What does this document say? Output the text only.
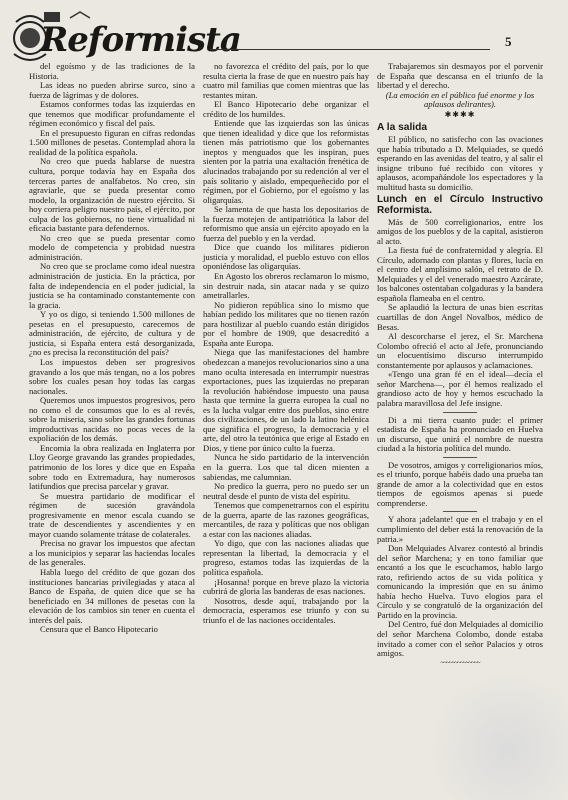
Reformista	5

del egoísmo y de las tradiciones de la Historia.

Las ideas no pueden abrirse surco, sino a fuerza de lágrimas y de dolores.

Estamos conformes todas las izquierdas en que tenemos que modificar profundamente el régimen económico y fiscal del país.

En el presupuesto figuran en cifras redondas 1.500 millones de pesetas. Contemplad ahora la realidad de la política española.

No creo que pueda hablarse de nuestra cultura, porque todavía hay en España dos terceras partes de analfabetos. No creo, sin agraviarle, que se pueda presentar como modelo, la organización de nuestro ejército. Si hoy corriera peligro nuestro país, el ejército, por culpa de los gobiernos, no tiene virtualidad ni eficacia bastante para defendernos.

No creo que se pueda presentar como modelo de competencia y probidad nuestra administración.

No creo que se proclame como ideal nuestra administración de justicia. En la práctica, por falta de independencia en el poder judicial, la justicia se ha contaminado constantemente con la gracia.

Y yo os digo, si teniendo 1.500 millones de pesetas en el presupuesto, carecemos de administración, de ejército, de cultura y de justicia, si España entera está desorganizada, ¿no es precisa la reconstitución del país?

Los impuestos deben ser progresivos gravando a los que más tengan, no a los pobres sobre los cuales pesan hoy todas las cargas nacionales.

Queremos unos impuestos progresivos, pero no como el de consumos que lo es al revés, sobre la miseria, sino sobre las grandes fortunas improductivas nacidas no pocas veces de la expoliación de los demás.

Encomia la obra realizada en Inglaterra por Lloy George gravando las grandes propiedades, patrimonio de los lores y dice que en España sobre todo en Extremadura, hay numerosos latifundios que precisa parcelar y gravar.

Se muestra partidario de modificar el régimen de sucesión gravándola progresivamente en menor escala cuando se trate de descendientes y ascendientes y en mayor cuando solamente trátase de colaterales.

Precisa no gravar los impuestos que afectan a los municipios y separar las haciendas locales de las generales.

Habla luego del crédito de que gozan dos instituciones bancarias privilegiadas y ataca al Banco de España, de quien dice que se ha beneficiado en 34 millones de pesetas con la elevación de los cambios sin tener en cuenta el interés del país.

Censura que el Banco Hipotecario

no favorezca el crédito del país, por lo que resulta cierta la frase de que en nuestro país hay cuatro mil familias que comen mientras que las restantes miran.

El Banco Hipotecario debe organizar el crédito de los humildes.

Entiende que las izquierdas son las únicas que tienen idealidad y dice que los reformistas tienen más patriotismo que los gobernantes ineptos y menguados que les inspiran, pues sienten por la patria una exaltación frenética de alucinados trabajando por su redención al ver el país solitario y aislado, empequeñecido por el régimen, por el Gobierno, por el egoísmo y las oligarquías.

Se lamenta de que hasta los depositarios de la fuerza motejen de antipatriótica la labor del reformismo que ansía un ejército apoyado en la fuerza del pueblo y en la verdad.

Dice que cuando los militares pidieron justicia y moralidad, el pueblo estuvo con ellos oponiéndose las oligarquías.

En Agosto los obreros reclamaron lo mismo, sin destruir nada, sin atacar nada y se quizo ametrallarles.

No pidieron república sino lo mismo que habían pedido los militares que no tienen razón para hostilizar al pueblo cuando están dirigidos por el hombre de 1909, que desacreditó a España ante Europa.

Niega que las manifestaciones del hambre obedezcan a manejos revolucionarios sino a una mano oculta interesada en interrumpir nuestras exportaciones, pues las izquierdas no preparan la revolución habiéndose impuesto una pausa hasta que termine la guerra europea la cual no es la lucha vulgar entre dos pueblos, sino entre dos civilizaciones, de un lado la latino helénica que significa el progreso, la democracia y el arte, del otro la teutónica que erige al Estado en Dios, y tiene por único culto la fuerza.

Nunca he sido partidario de la intervención en la guerra. Los que tal dicen mienten a sabiendas, me calumnian.

No predico la guerra, pero no puedo ser un neutral desde el punto de vista del espíritu.

Tenemos que compenetrarnos con el espíritu de la guerra, aparte de las razones geográficas, mercantiles, de raza y políticas que nos obligan a estar con las naciones aliadas.

Yo digo, que con las naciones aliadas que representan la libertad, la democracia y el progreso, estamos todas las izquierdas de la política española.

¡Hosanna! porque en breve plazo la victoria cubrirá de gloria las banderas de esas naciones.

Nosotros, desde aquí, trabajando por la democracia, esperamos ese triunfo y con su triunfo el de las naciones occidentales.

Trabajaremos sin desmayos por el porvenir de España que descansa en el triunfo de la libertad y el derecho.

(La emoción en el público fué enorme y los aplausos delirantes).

✱✱✱✱
A la salida

El público, no satisfecho con las ovaciones que había tributado a D. Melquiades, se quedó esperando en las avenidas del teatro, y al salir el insigne tribuno fué recibido con vítores y aplausos, acompañándole los espectadores y la multitud hasta su domicilio.

Lunch en el Círculo Instructivo Reformista.

Más de 500 correligionarios, entre los amigos de los pueblos y de la capital, asistieron al acto.

La fiesta fué de confraternidad y alegría. El Círculo, adornado con plantas y flores, lucía en el centro del amplísimo salón, el retrato de D. Melquiades y el del venerado maestro Azcárate, los balcones ostentaban colgaduras y la bandera española flameaba en el centro.

Se aplaudió la lectura de unas bien escritas cuartillas de don Angel Novalbos, médico de Besas.

Al descorcharse el jerez, el Sr. Marchena Colombo ofreció el acto al Jefe, pronunciando un elocuentísimo discurso interrumpido constantemente por aplausos y aclamaciones.

«Tengo una gran fé en el ideal—decía el señor Marchena—, por él hemos realizado el grandioso acto de hoy y hemos escuchado la palabra maravillosa del Jefe insigne.

Di a mi tierra cuanto pude: el primer estadista de España ha pronunciado en Huelva un discurso, que unirá el nombre de nuestra ciudad a la historia política del mundo.

De vosotros, amigos y correligionarios míos, es el triunfo, porque habéis dado una prueba tan grande de amor a la colectividad que en estos tiempos de egoísmos apenas si puede comprenderse.

Y ahora ¡adelante! que en el trabajo y en el cumplimiento del deber está la renovación de la patria.»

Don Melquiades Alvarez contestó al brindis del señor Marchena; y en tono familiar que encantó a los que le escuchamos, hablo largo rato, refiriendo actos de su vida política y comunicando la impresión que en su ánimo había hecho Huelva. Tuvo elogios para el Círculo y se congratuló de la organización del Partido en la provincia.

Del Centro, fué don Melquiades al domicilio del señor Marchena Colombo, donde estaba invitado a comer con el señor Palacios y otros amigos.

~~~~~~~~~~~~~~
